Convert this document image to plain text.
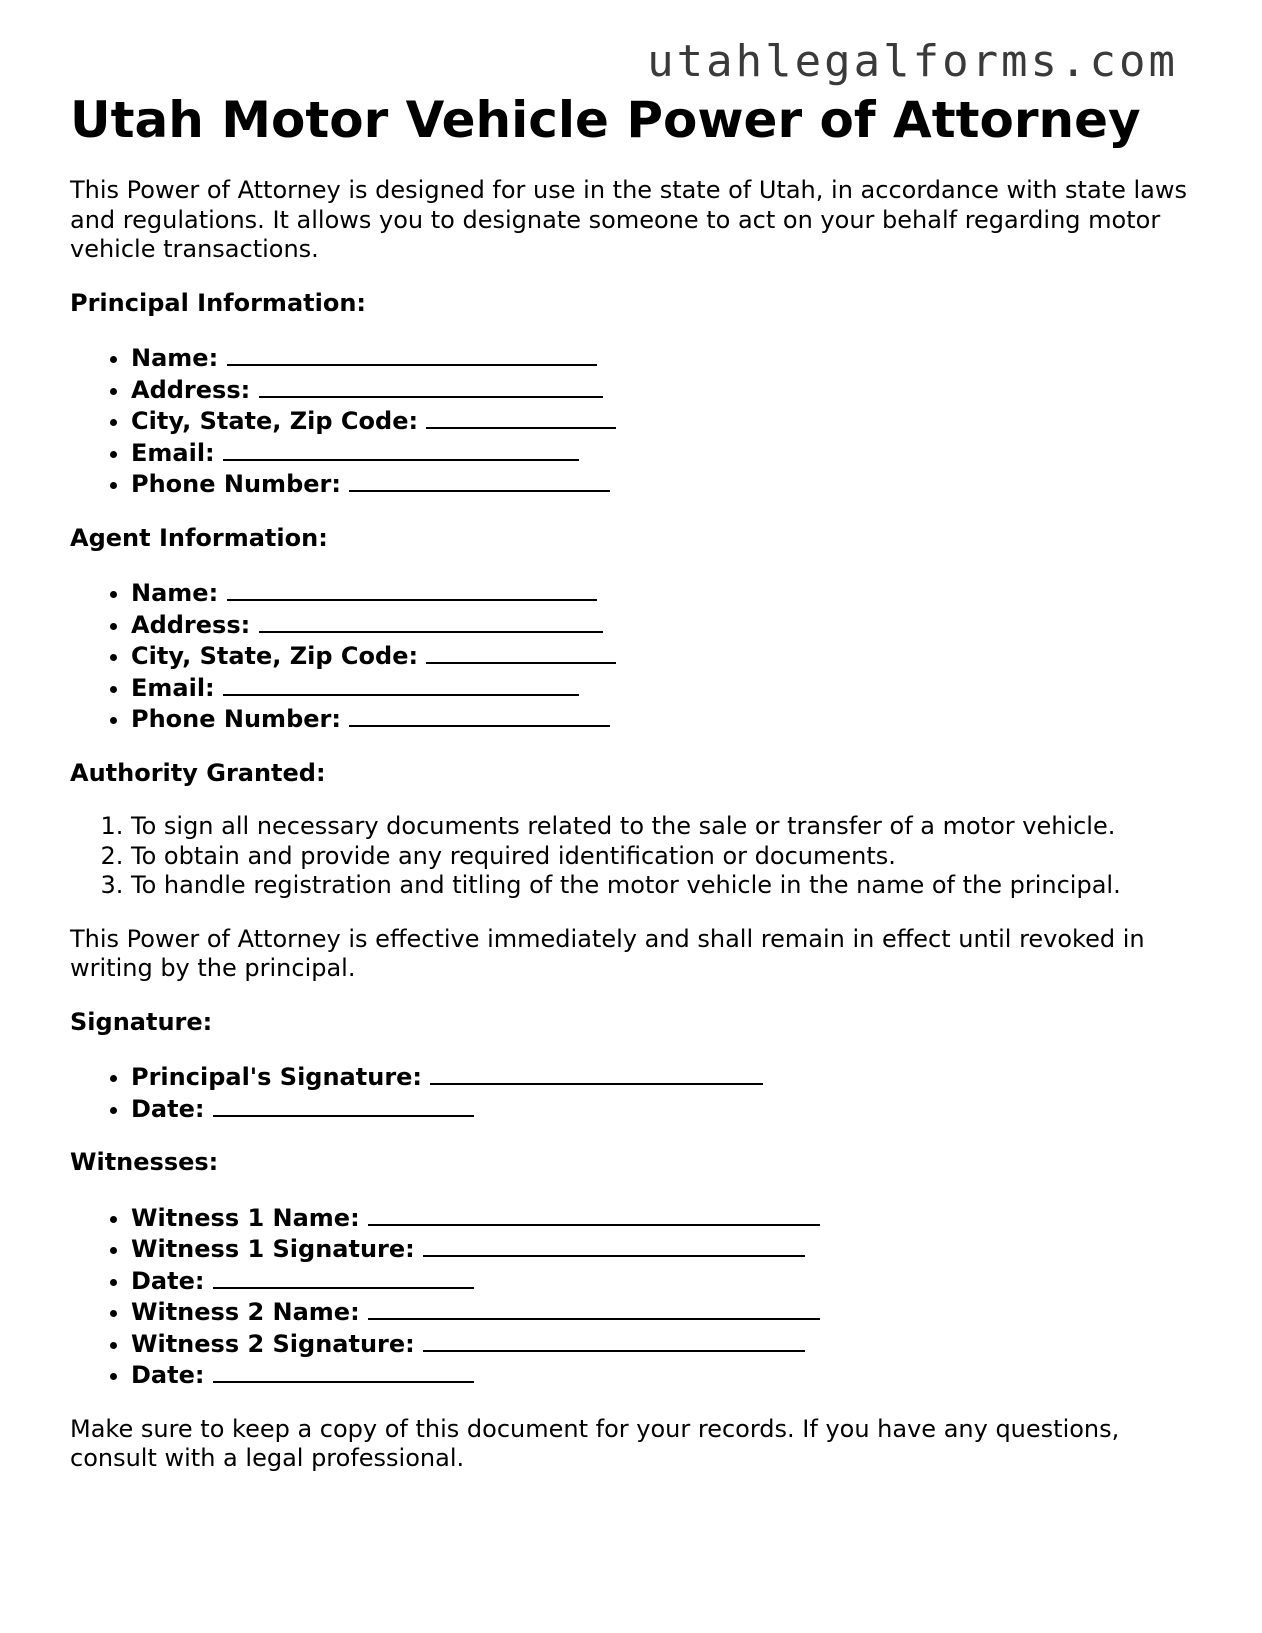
utahlegalforms.com
Utah Motor Vehicle Power of Attorney

This Power of Attorney is designed for use in the state of Utah, in accordance with state laws and regulations. It allows you to designate someone to act on your behalf regarding motor vehicle transactions.

Principal Information:

• Name:
• Address:
• City, State, Zip Code:
• Email:
• Phone Number:

Agent Information:

• Name:
• Address:
• City, State, Zip Code:
• Email:
• Phone Number:

Authority Granted:

1. To sign all necessary documents related to the sale or transfer of a motor vehicle.
2. To obtain and provide any required identification or documents.
3. To handle registration and titling of the motor vehicle in the name of the principal.

This Power of Attorney is effective immediately and shall remain in effect until revoked in writing by the principal.

Signature:

• Principal's Signature:
• Date:

Witnesses:

• Witness 1 Name:
• Witness 1 Signature:
• Date:
• Witness 2 Name:
• Witness 2 Signature:
• Date:

Make sure to keep a copy of this document for your records. If you have any questions, consult with a legal professional.
